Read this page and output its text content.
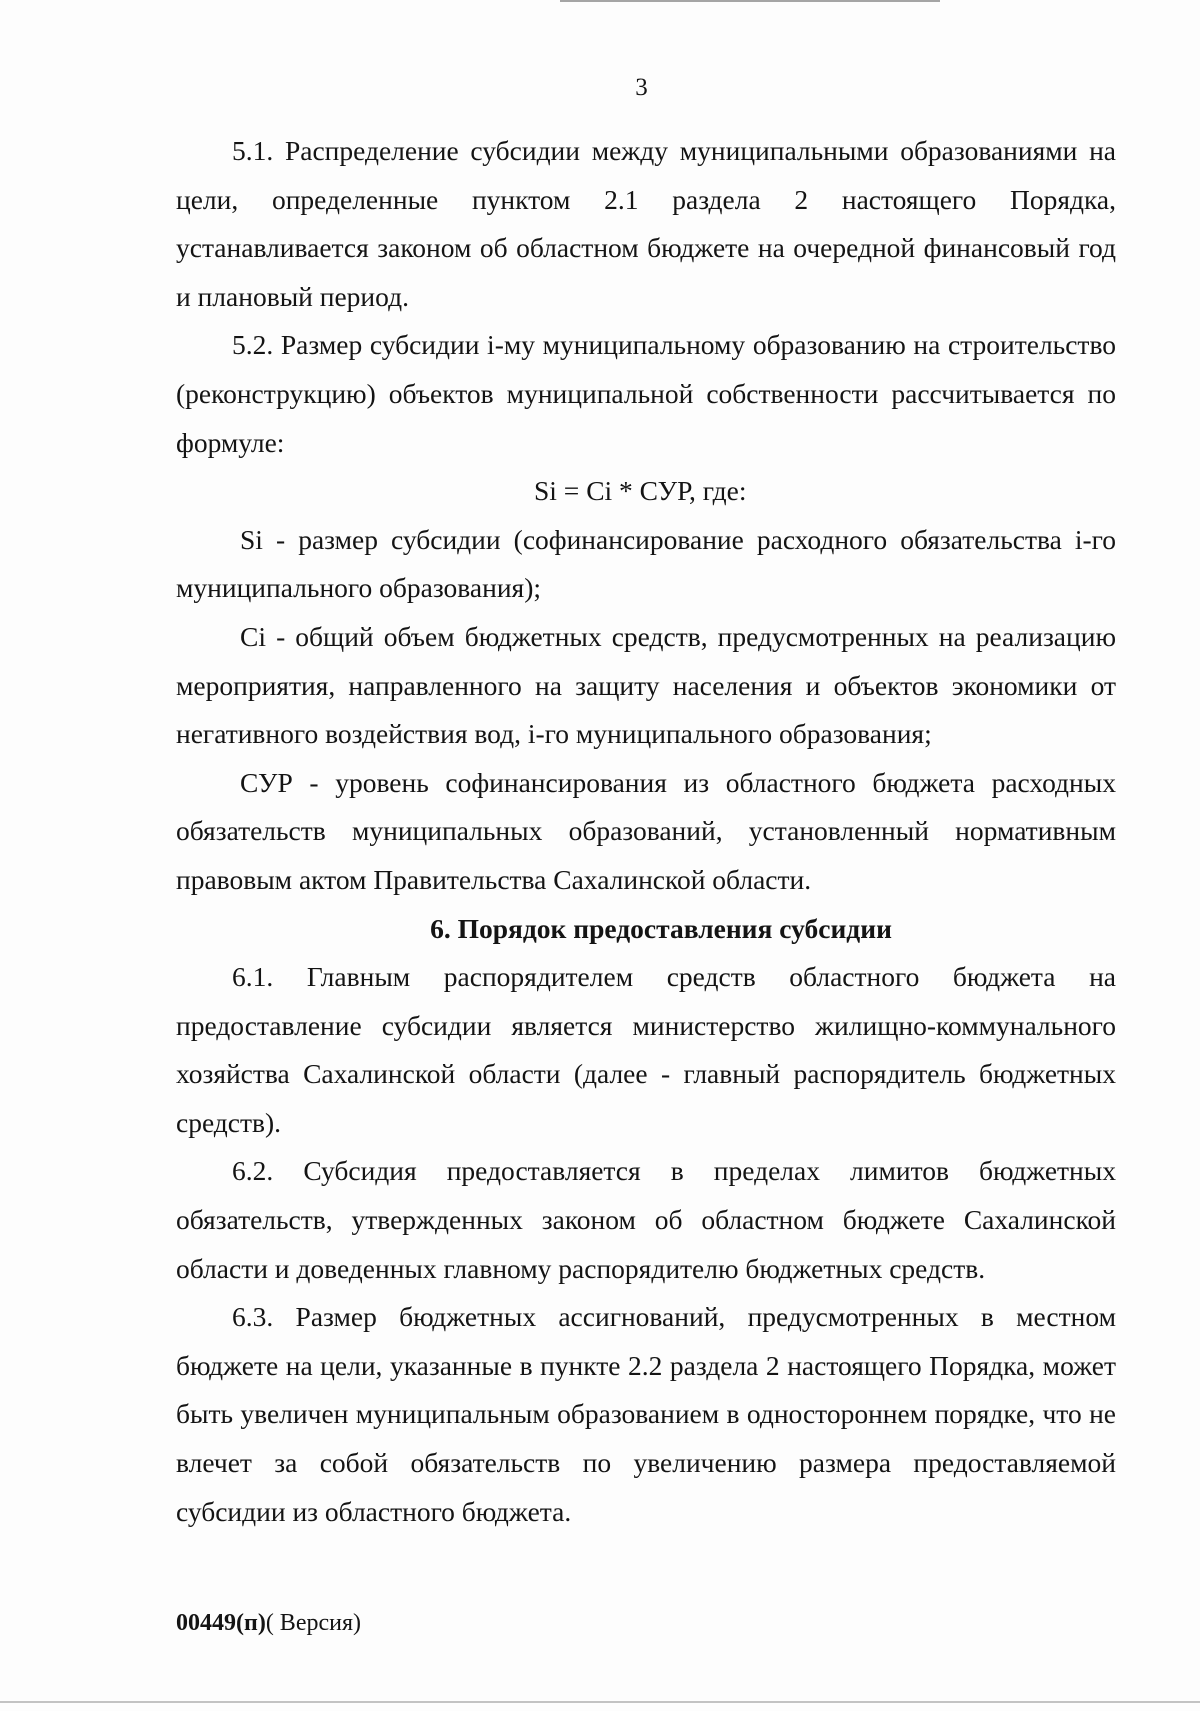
3

5.1. Распределение субсидии между муниципальными образованиями на цели, определенные пунктом 2.1 раздела 2 настоящего Порядка, устанавливается законом об областном бюджете на очередной финансовый год и плановый период.

5.2. Размер субсидии i-му муниципальному образованию на строительство (реконструкцию) объектов муниципальной собственности рассчитывается по формуле:

Si = Ci * СУР, где:

Si - размер субсидии (софинансирование расходного обязательства i-го муниципального образования);

Ci - общий объем бюджетных средств, предусмотренных на реализацию мероприятия, направленного на защиту населения и объектов экономики от негативного воздействия вод, i-го муниципального образования;

СУР - уровень софинансирования из областного бюджета расходных обязательств муниципальных образований, установленный нормативным правовым актом Правительства Сахалинской области.

6. Порядок предоставления субсидии

6.1. Главным распорядителем средств областного бюджета на предоставление субсидии является министерство жилищно-коммунального хозяйства Сахалинской области (далее - главный распорядитель бюджетных средств).

6.2. Субсидия предоставляется в пределах лимитов бюджетных обязательств, утвержденных законом об областном бюджете Сахалинской области и доведенных главному распорядителю бюджетных средств.

6.3. Размер бюджетных ассигнований, предусмотренных в местном бюджете на цели, указанные в пункте 2.2 раздела 2 настоящего Порядка, может быть увеличен муниципальным образованием в одностороннем порядке, что не влечет за собой обязательств по увеличению размера предоставляемой субсидии из областного бюджета.

00449(п)( Версия)
